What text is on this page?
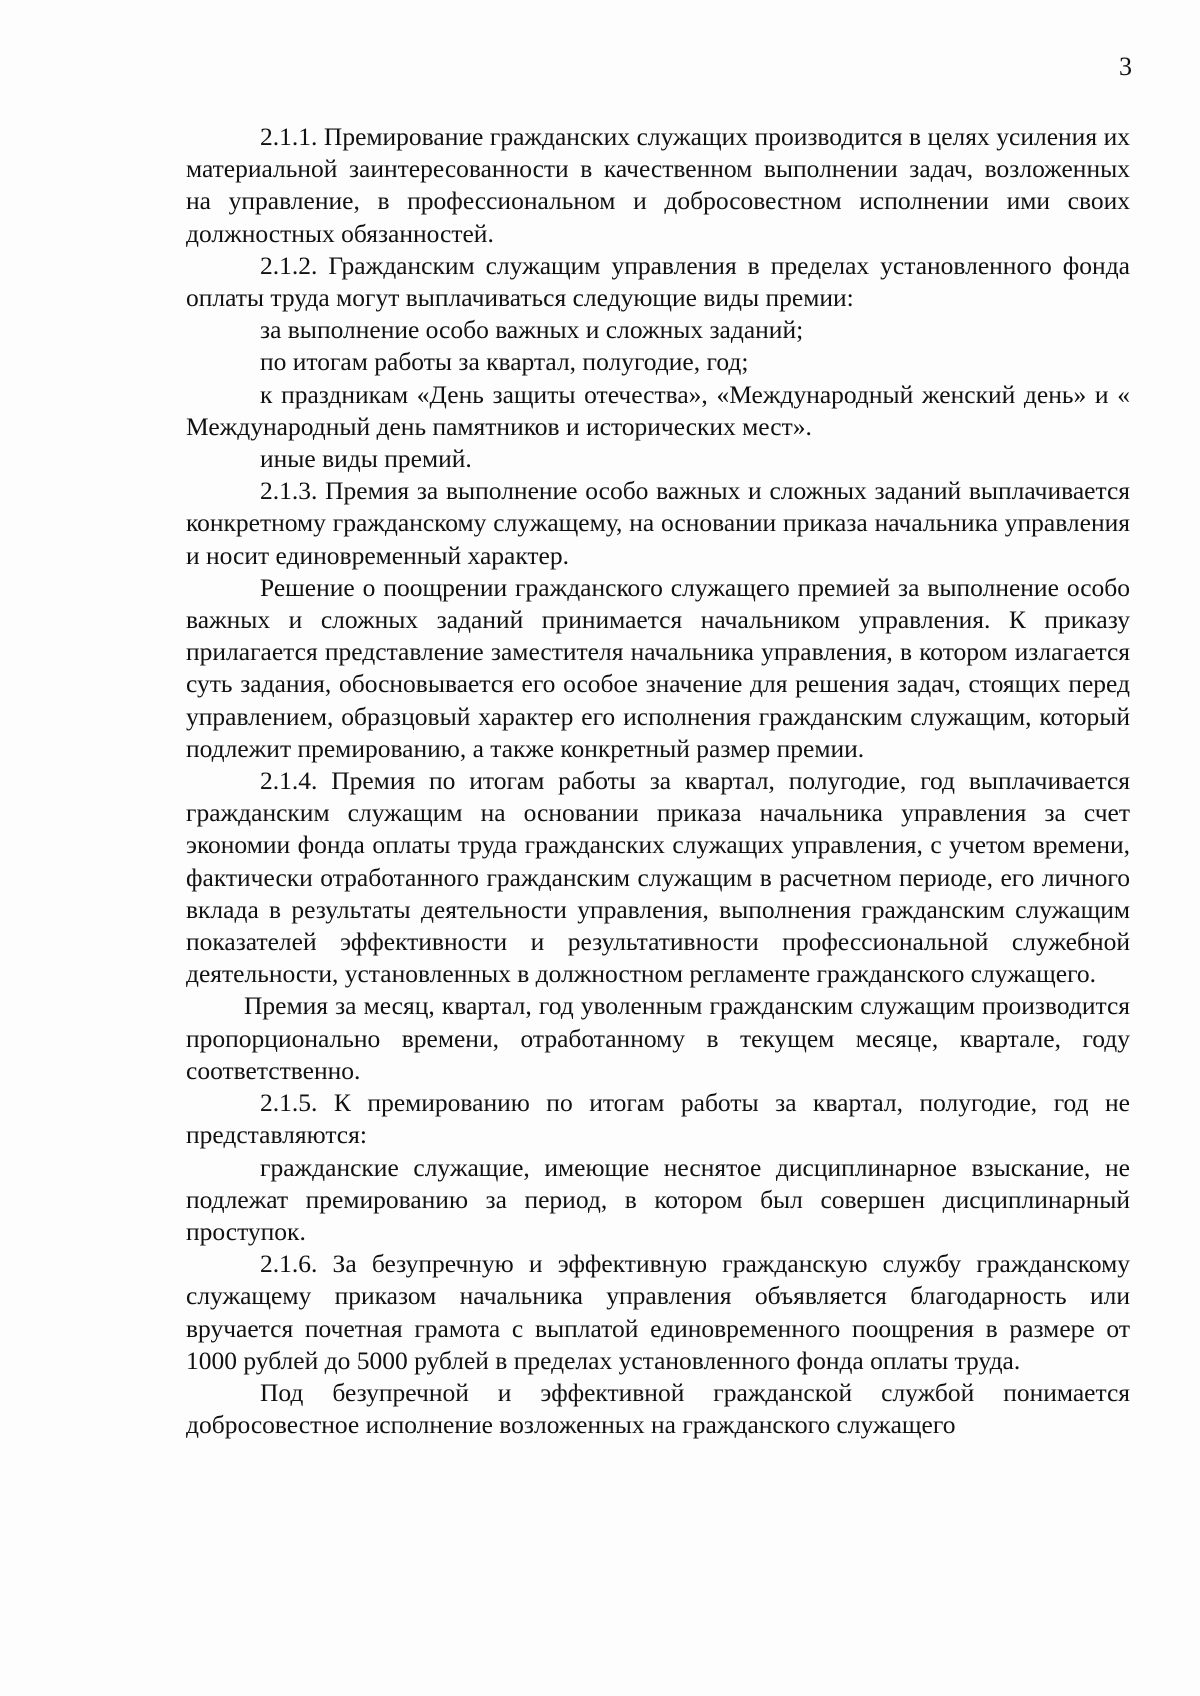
3

2.1.1. Премирование гражданских служащих производится в целях усиления их материальной заинтересованности в качественном выполнении задач, возложенных на управление, в профессиональном и добросовестном исполнении ими своих должностных обязанностей.

2.1.2. Гражданским служащим управления в пределах установленного фонда оплаты труда могут выплачиваться следующие виды премии:

за выполнение особо важных и сложных заданий;

по итогам работы за квартал, полугодие, год;

к праздникам «День защиты отечества», «Международный женский день» и « Международный день памятников и исторических мест».

иные виды премий.

2.1.3. Премия за выполнение особо важных и сложных заданий выплачивается конкретному гражданскому служащему, на основании приказа начальника управления и носит единовременный характер.

Решение о поощрении гражданского служащего премией за выполнение особо важных и сложных заданий принимается начальником управления. К приказу прилагается представление заместителя начальника управления, в котором излагается суть задания, обосновывается его особое значение для решения задач, стоящих перед управлением, образцовый характер его исполнения гражданским служащим, который подлежит премированию, а также конкретный размер премии.

2.1.4. Премия по итогам работы за квартал, полугодие, год выплачивается гражданским служащим на основании приказа начальника управления за счет экономии фонда оплаты труда гражданских служащих управления, с учетом времени, фактически отработанного гражданским служащим в расчетном периоде, его личного вклада в результаты деятельности управления, выполнения гражданским служащим показателей эффективности и результативности профессиональной служебной деятельности, установленных в должностном регламенте гражданского служащего.

Премия за месяц, квартал, год уволенным гражданским служащим производится пропорционально времени, отработанному в текущем месяце, квартале, году соответственно.

2.1.5. К премированию по итогам работы за квартал, полугодие, год не представляются:

гражданские служащие, имеющие неснятое дисциплинарное взыскание, не подлежат премированию за период, в котором был совершен дисциплинарный проступок.

2.1.6. За безупречную и эффективную гражданскую службу гражданскому служащему приказом начальника управления объявляется благодарность или вручается почетная грамота с выплатой единовременного поощрения в размере от 1000 рублей до 5000 рублей в пределах установленного фонда оплаты труда.

Под безупречной и эффективной гражданской службой понимается добросовестное исполнение возложенных на гражданского служащего
